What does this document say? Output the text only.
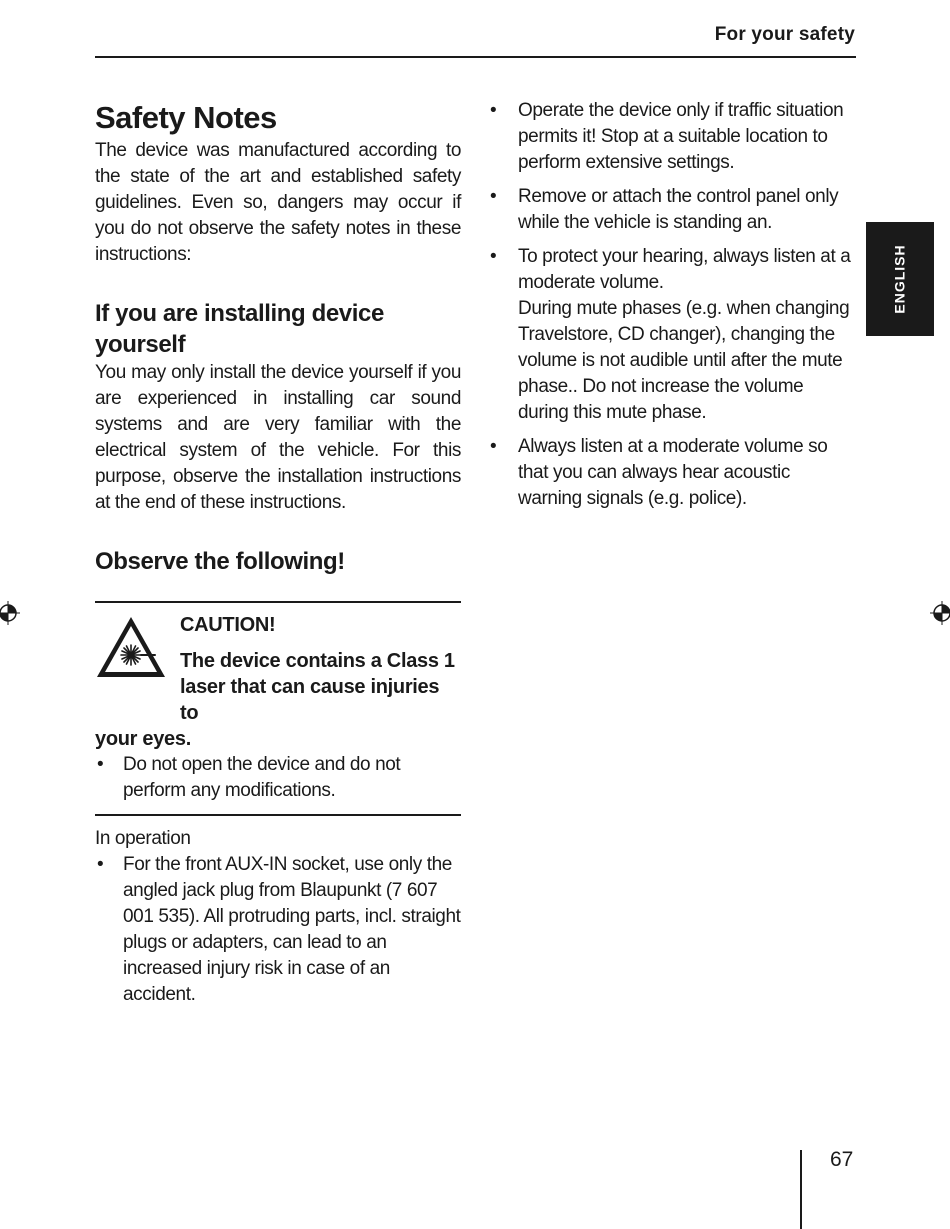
For your safety
ENGLISH
Safety Notes

The device was manufactured according to the state of the art and established safety guidelines. Even so, dangers may occur if you do not observe the safety notes in these instructions:

If you are installing device yourself

You may only install the device yourself if you are experienced in installing car sound systems and are very familiar with the electrical system of the vehicle. For this purpose, observe the installation instructions at the end of these instructions.

Observe the following!
CAUTION!
The device contains a Class 1 laser that can cause injuries to
your eyes.
• Do not open the device and do not perform any modifications.
In operation
• For the front AUX-IN socket, use only the angled jack plug from Blaupunkt (7 607 001 535). All protruding parts, incl. straight plugs or adapters, can lead to an increased injury risk in case of an accident.
• Operate the device only if traffic situation permits it! Stop at a suitable location to perform extensive settings.
• Remove or attach the control panel only while the vehicle is standing an.
• To protect your hearing, always listen at a moderate volume.
During mute phases (e.g. when changing Travelstore, CD changer), changing the volume is not audible until after the mute phase.. Do not increase the volume during this mute phase.
• Always listen at a moderate volume so that you can always hear acoustic warning signals (e.g. police).
67
